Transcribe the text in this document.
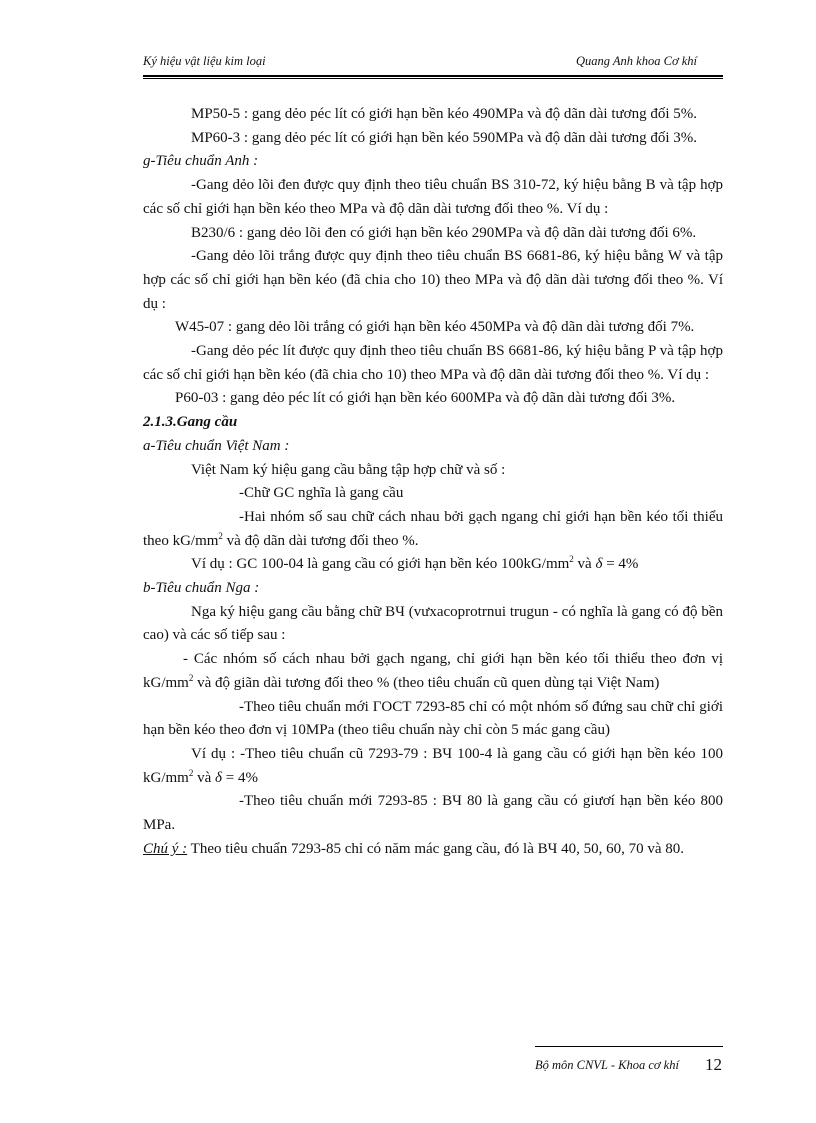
Ký hiệu vật liệu kim loại	Quang Anh khoa Cơ khí

MP50-5 : gang dẻo péc lít có giới hạn bền kéo 490MPa và độ dãn dài tương đối 5%.

MP60-3 : gang dẻo péc lít có giới hạn bền kéo 590MPa và độ dãn dài tương đối 3%.

g-Tiêu chuẩn Anh :

-Gang dẻo lõi đen được quy định theo tiêu chuẩn BS 310-72, ký hiệu bằng B và tập hợp các số chỉ giới hạn bền kéo theo MPa và độ dãn dài tương đối theo %. Ví dụ :

B230/6 : gang dẻo lõi đen có giới hạn bền kéo 290MPa và độ dãn dài tương đối 6%.

-Gang dẻo lõi trắng được quy định theo tiêu chuẩn BS 6681-86, ký hiệu bằng W và tập hợp các số chỉ giới hạn bền kéo (đã chia cho 10) theo MPa và độ dãn dài tương đối theo %. Ví dụ :

W45-07 : gang dẻo lõi trắng có giới hạn bền kéo 450MPa và độ dãn dài tương đối 7%.

-Gang dẻo péc lít được quy định theo tiêu chuẩn BS 6681-86, ký hiệu bằng P và tập hợp các số chỉ giới hạn bền kéo (đã chia cho 10) theo MPa và độ dãn dài tương đối theo %. Ví dụ :

P60-03 : gang dẻo péc lít có giới hạn bền kéo 600MPa và độ dãn dài tương đối 3%.

2.1.3.Gang cầu

a-Tiêu chuẩn Việt Nam :

Việt Nam ký hiệu gang cầu bằng tập hợp chữ và số :

-Chữ GC nghĩa là gang cầu

-Hai nhóm số sau chữ cách nhau bởi gạch ngang chỉ giới hạn bền kéo tối thiểu theo $kG/mm^2$ và độ dãn dài tương đối theo %.

Ví dụ : GC 100-04 là gang cầu có giới hạn bền kéo $100kG/mm^2$ và δ = 4%

b-Tiêu chuẩn Nga :

Nga ký hiệu gang cầu bằng chữ BЧ (vưxacoprotrnui trugun - có nghĩa là gang có độ bền cao) và các số tiếp sau :

- Các nhóm số cách nhau bởi gạch ngang, chỉ giới hạn bền kéo tối thiểu theo đơn vị $kG/mm^2$ và độ giãn dài tương đối theo % (theo tiêu chuẩn cũ quen dùng tại Việt Nam)

-Theo tiêu chuẩn mới ГOCT 7293-85 chỉ có một nhóm số đứng sau chữ chỉ giới hạn bền kéo theo đơn vị 10MPa (theo tiêu chuẩn này chỉ còn 5 mác gang cầu)

Ví dụ : -Theo tiêu chuẩn cũ 7293-79 : BЧ 100-4 là gang cầu có giới hạn bền kéo 100 $kG/mm^2$ và δ = 4%

-Theo tiêu chuẩn mới 7293-85 : BЧ 80 là gang cầu có giươí hạn bền kéo 800 MPa.

Chú ý : Theo tiêu chuẩn 7293-85 chỉ có năm mác gang cầu, đó là BЧ 40, 50, 60, 70 và 80.

Bộ môn CNVL - Khoa cơ khí 12
